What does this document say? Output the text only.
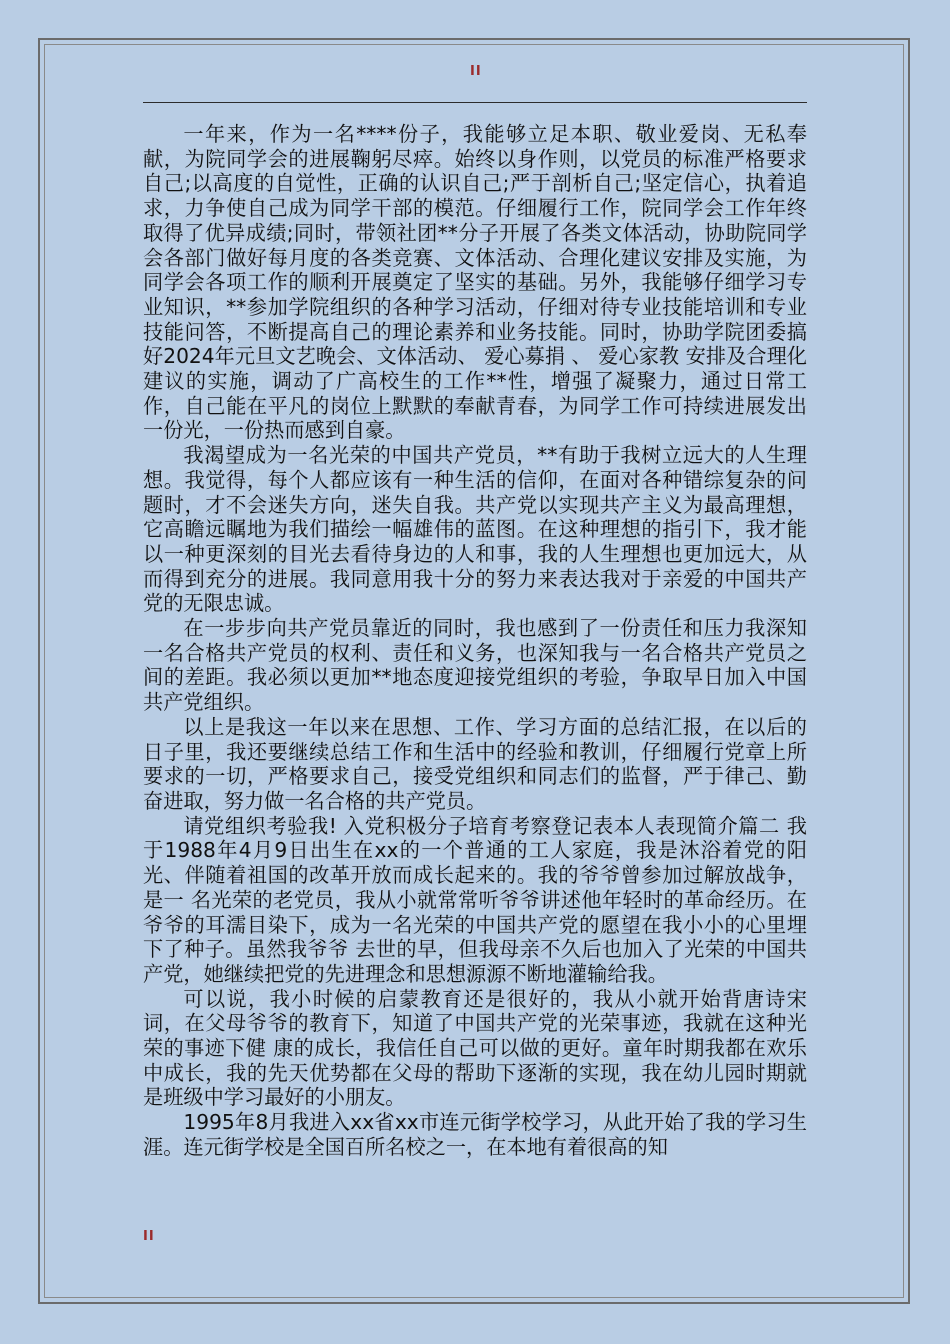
II

一年来，作为一名****份子，我能够立足本职、敬业爱岗、无私奉献，为院同学会的进展鞠躬尽瘁。始终以身作则，以党员的标准严格要求自己;以高度的自觉性，正确的认识自己;严于剖析自己;坚定信心，执着追求，力争使自己成为同学干部的模范。仔细履行工作，院同学会工作年终取得了优异成绩;同时，带领社团**分子开展了各类文体活动，协助院同学会各部门做好每月度的各类竞赛、文体活动、合理化建议安排及实施，为同学会各项工作的顺利开展奠定了坚实的基础。另外，我能够仔细学习专业知识，**参加学院组织的各种学习活动，仔细对待专业技能培训和专业技能问答，不断提高自己的理论素养和业务技能。同时，协助学院团委搞好2024年元旦文艺晚会、文体活动、 爱心募捐 、 爱心家教 安排及合理化建议的实施，调动了广高校生的工作**性，增强了凝聚力，通过日常工作，自己能在平凡的岗位上默默的奉献青春，为同学工作可持续进展发出一份光，一份热而感到自豪。

我渴望成为一名光荣的中国共产党员，**有助于我树立远大的人生理想。我觉得，每个人都应该有一种生活的信仰，在面对各种错综复杂的问题时，才不会迷失方向，迷失自我。共产党以实现共产主义为最高理想，它高瞻远瞩地为我们描绘一幅雄伟的蓝图。在这种理想的指引下，我才能以一种更深刻的目光去看待身边的人和事，我的人生理想也更加远大，从而得到充分的进展。我同意用我十分的努力来表达我对于亲爱的中国共产党的无限忠诚。

在一步步向共产党员靠近的同时，我也感到了一份责任和压力我深知一名合格共产党员的权利、责任和义务，也深知我与一名合格共产党员之间的差距。我必须以更加**地态度迎接党组织的考验，争取早日加入中国共产党组织。

以上是我这一年以来在思想、工作、学习方面的总结汇报，在以后的日子里，我还要继续总结工作和生活中的经验和教训，仔细履行党章上所要求的一切，严格要求自己，接受党组织和同志们的监督，严于律己、勤奋进取，努力做一名合格的共产党员。

请党组织考验我! 入党积极分子培育考察登记表本人表现简介篇二 我于1988年4月9日出生在xx的一个普通的工人家庭，我是沐浴着党的阳光、伴随着祖国的改革开放而成长起来的。我的爷爷曾参加过解放战争，是一 名光荣的老党员，我从小就常常听爷爷讲述他年轻时的革命经历。在爷爷的耳濡目染下，成为一名光荣的中国共产党的愿望在我小小的心里埋下了种子。虽然我爷爷 去世的早，但我母亲不久后也加入了光荣的中国共产党，她继续把党的先进理念和思想源源不断地灌输给我。

可以说，我小时候的启蒙教育还是很好的，我从小就开始背唐诗宋词，在父母爷爷的教育下，知道了中国共产党的光荣事迹，我就在这种光荣的事迹下健 康的成长，我信任自己可以做的更好。童年时期我都在欢乐中成长，我的先天优势都在父母的帮助下逐渐的实现，我在幼儿园时期就是班级中学习最好的小朋友。

1995年8月我进入xx省xx市连元街学校学习，从此开始了我的学习生涯。连元街学校是全国百所名校之一，在本地有着很高的知

II
